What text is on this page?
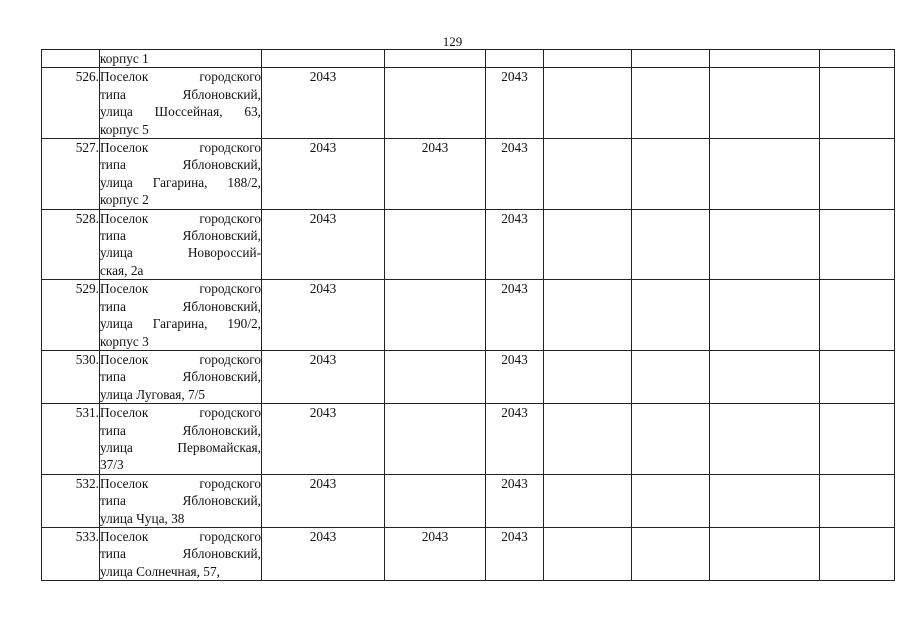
129

	корпус 1							

526.	Поселок городского
типа Яблоновский,
улица Шоссейная, 63,
корпус 5	2043		2043				

527.	Поселок городского
типа Яблоновский,
улица Гагарина, 188/2,
корпус 2	2043	2043	2043				

528.	Поселок городского
типа Яблоновский,
улица Новороссий-
ская, 2а	2043		2043				

529.	Поселок городского
типа Яблоновский,
улица Гагарина, 190/2,
корпус 3	2043		2043				

530.	Поселок городского
типа Яблоновский,
улица Луговая, 7/5	2043		2043				

531.	Поселок городского
типа Яблоновский,
улица Первомайская,
37/3	2043		2043				

532.	Поселок городского
типа Яблоновский,
улица Чуца, 38	2043		2043				

533.	Поселок городского
типа Яблоновский,
улица Солнечная, 57,	2043	2043	2043				
